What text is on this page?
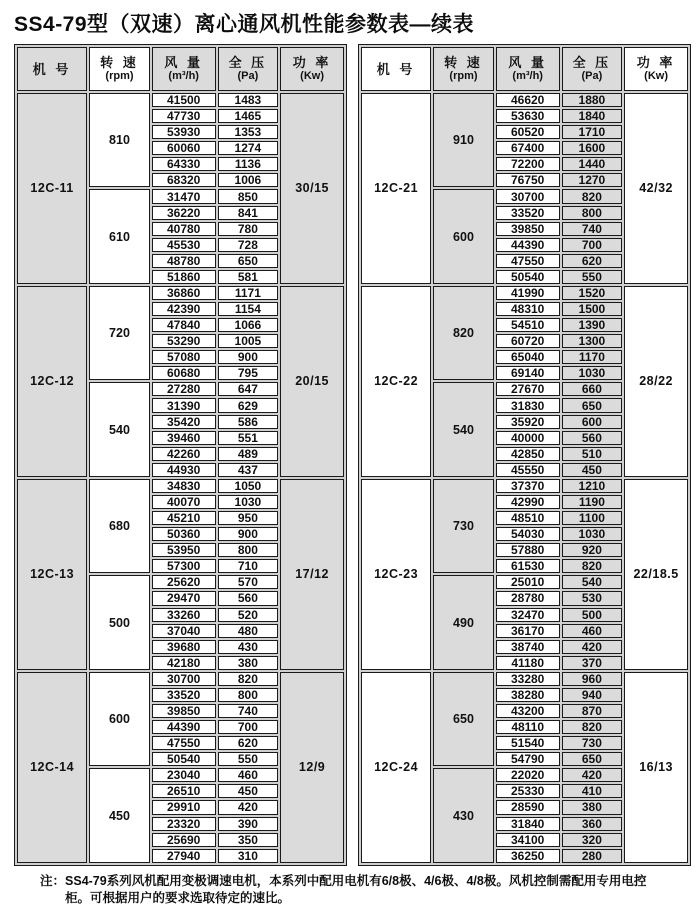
SS4-79型（双速）离心通风机性能参数表—续表
机 号	转 速
(rpm)

风 量
(m³/h)

全 压
(Pa)

功 率
(Kw)

12C-11	810	41500	1483	30/15
		47730	1465	
		53930	1353	
		60060	1274	
		64330	1136	
		68320	1006	
	610	31470	850	
		36220	841	
		40780	780	
		45530	728	
		48780	650	
		51860	581	
12C-12	720	36860	1171	20/15
		42390	1154	
		47840	1066	
		53290	1005	
		57080	900	
		60680	795	
	540	27280	647	
		31390	629	
		35420	586	
		39460	551	
		42260	489	
		44930	437	
12C-13	680	34830	1050	17/12
		40070	1030	
		45210	950	
		50360	900	
		53950	800	
		57300	710	
	500	25620	570	
		29470	560	
		33260	520	
		37040	480	
		39680	430	
		42180	380	
12C-14	600	30700	820	12/9
		33520	800	
		39850	740	
		44390	700	
		47550	620	
		50540	550	
	450	23040	460	
		26510	450	
		29910	420	
		23320	390	
		25690	350	
		27940	310	
机 号	转 速
(rpm)

风 量
(m³/h)

全 压
(Pa)

功 率
(Kw)

12C-21	910	46620	1880	42/32
		53630	1840	
		60520	1710	
		67400	1600	
		72200	1440	
		76750	1270	
	600	30700	820	
		33520	800	
		39850	740	
		44390	700	
		47550	620	
		50540	550	
12C-22	820	41990	1520	28/22
		48310	1500	
		54510	1390	
		60720	1300	
		65040	1170	
		69140	1030	
	540	27670	660	
		31830	650	
		35920	600	
		40000	560	
		42850	510	
		45550	450	
12C-23	730	37370	1210	22/18.5
		42990	1190	
		48510	1100	
		54030	1030	
		57880	920	
		61530	820	
	490	25010	540	
		28780	530	
		32470	500	
		36170	460	
		38740	420	
		41180	370	
12C-24	650	33280	960	16/13
		38280	940	
		43200	870	
		48110	820	
		51540	730	
		54790	650	
	430	22020	420	
		25330	410	
		28590	380	
		31840	360	
		34100	320	
		36250	280	
注： SS4-79系列风机配用变极调速电机，本系列中配用电机有6/8极、4/6极、4/8极。风机控制需配用专用电控柜。可根据用户的要求选取待定的速比。
